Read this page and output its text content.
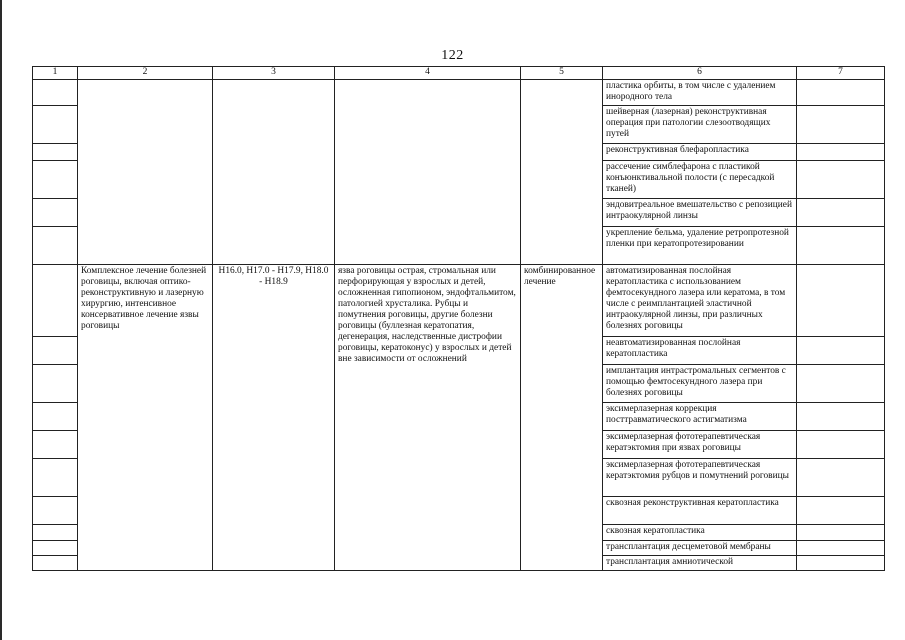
122
1	2	3	4	5	6	7
					пластика орбиты, в том числе с удалением инородного тела	
					шейверная (лазерная) реконструктивная операция при патологии слезоотводящих путей	
					реконструктивная блефаропластика	
					рассечение симблефарона с пластикой конъюнктивальной полости (с пересадкой тканей)	
					эндовитреальное вмешательство с репозицией интраокулярной линзы	
					укрепление бельма, удаление ретропротезной пленки при кератопротезировании	
	Комплексное лечение болезней роговицы, включая оптико-реконструктивную и лазерную хирургию, интенсивное консервативное лечение язвы роговицы	H16.0, H17.0 - H17.9, H18.0 - H18.9	язва роговицы острая, стромальная или перфорирующая у взрослых и детей, осложненная гипопионом, эндофтальмитом, патологией хрусталика. Рубцы и помутнения роговицы, другие болезни роговицы (буллезная кератопатия, дегенерация, наследственные дистрофии роговицы, кератоконус) у взрослых и детей вне зависимости от осложнений	комбинированное лечение	автоматизированная послойная кератопластика с использованием фемтосекундного лазера или кератома, в том числе с реимплантацией эластичной интраокулярной линзы, при различных болезнях роговицы	
					неавтоматизированная послойная кератопластика	
					имплантация интрастромальных сегментов с помощью фемтосекундного лазера при болезнях роговицы	
					эксимерлазерная коррекция посттравматического астигматизма	
					эксимерлазерная фототерапевтическая кератэктомия при язвах роговицы	
					эксимерлазерная фототерапевтическая кератэктомия рубцов и помутнений роговицы	
					сквозная реконструктивная кератопластика	
					сквозная кератопластика	
					трансплантация десцеметовой мембраны	
					трансплантация амниотической	
